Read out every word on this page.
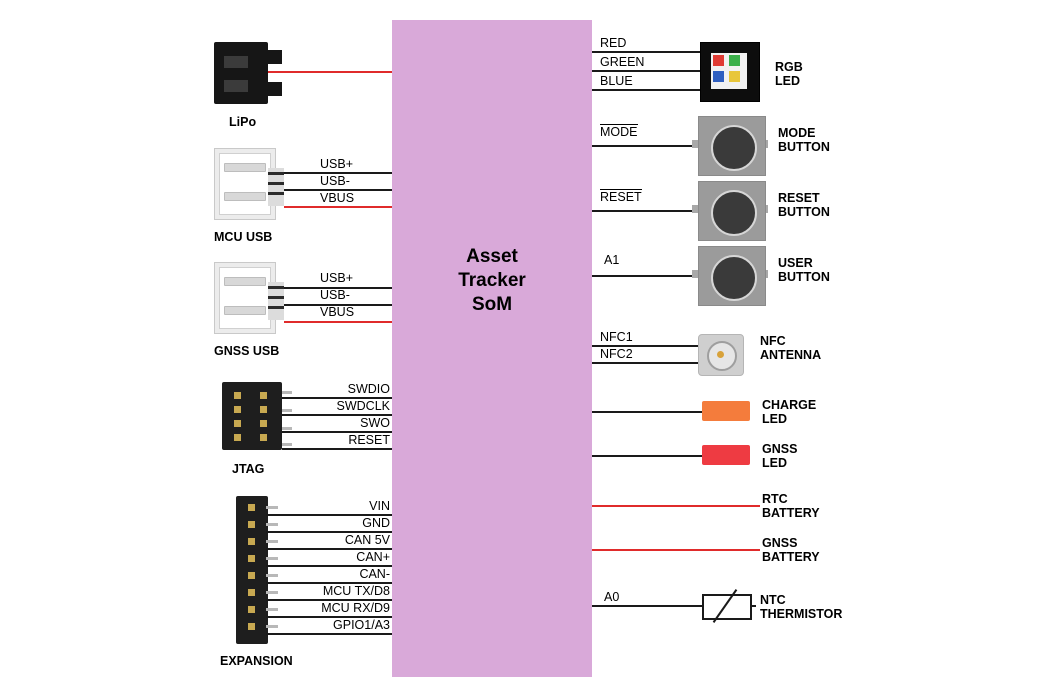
Asset
Tracker
SoM
LiPo
USB+
USB-
VBUS
MCU USB
USB+
USB-
VBUS
GNSS USB
SWDIO
SWDCLK
SWO
RESET
JTAG
VIN
GND
CAN 5V
CAN+
CAN-
MCU TX/D8
MCU RX/D9
GPIO1/A3
EXPANSION
RED
GREEN
BLUE
RGB
LED
MODE	MODE
BUTTON
RESET	RESET
BUTTON
A1	USER
BUTTON
NFC1
NFC2
NFC
ANTENNA
CHARGE
LED
GNSS
LED
RTC
BATTERY
GNSS
BATTERY
A0	NTC
THERMISTOR
